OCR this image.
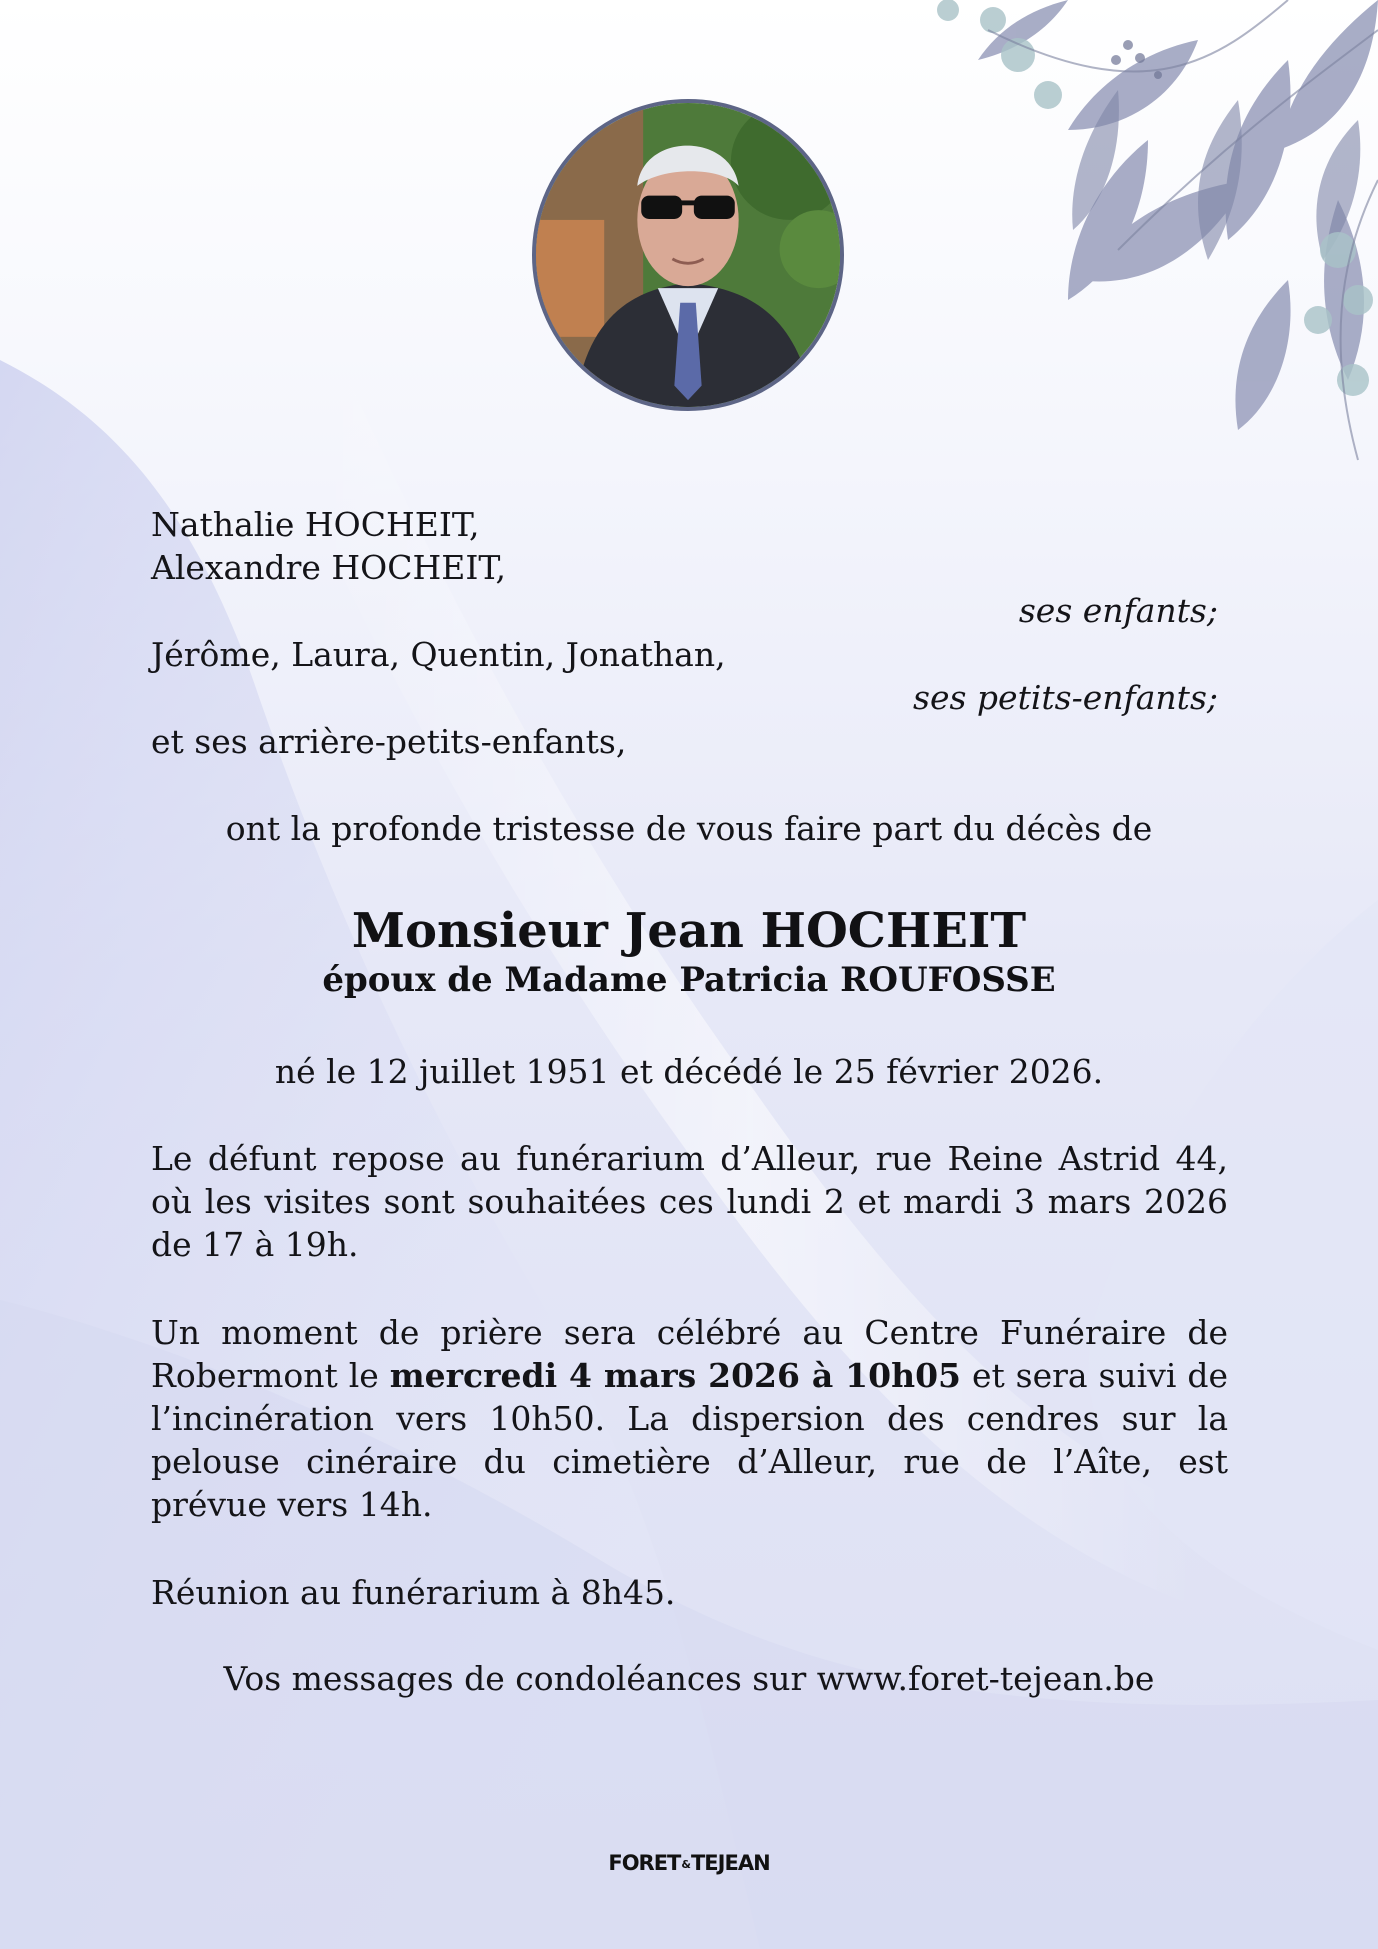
Nathalie HOCHEIT,
Alexandre HOCHEIT,
ses enfants;
Jérôme, Laura, Quentin, Jonathan,
ses petits-enfants;
et ses arrière-petits-enfants,
ont la profonde tristesse de vous faire part du décès de
Monsieur Jean HOCHEIT
époux de Madame Patricia ROUFOSSE
né le 12 juillet 1951 et décédé le 25 février 2026.
Le défunt repose au funérarium d’Alleur, rue Reine Astrid 44,
où les visites sont souhaitées ces lundi 2 et mardi 3 mars 2026
de 17 à 19h.
Un moment de prière sera célébré au Centre Funéraire de
Robermont le mercredi 4 mars 2026 à 10h05 et sera suivi de
l’incinération vers 10h50. La dispersion des cendres sur la
pelouse cinéraire du cimetière d’Alleur, rue de l’Aîte, est
prévue vers 14h.
Réunion au funérarium à 8h45.
Vos messages de condoléances sur www.foret-tejean.be
FORET&TEJEAN
